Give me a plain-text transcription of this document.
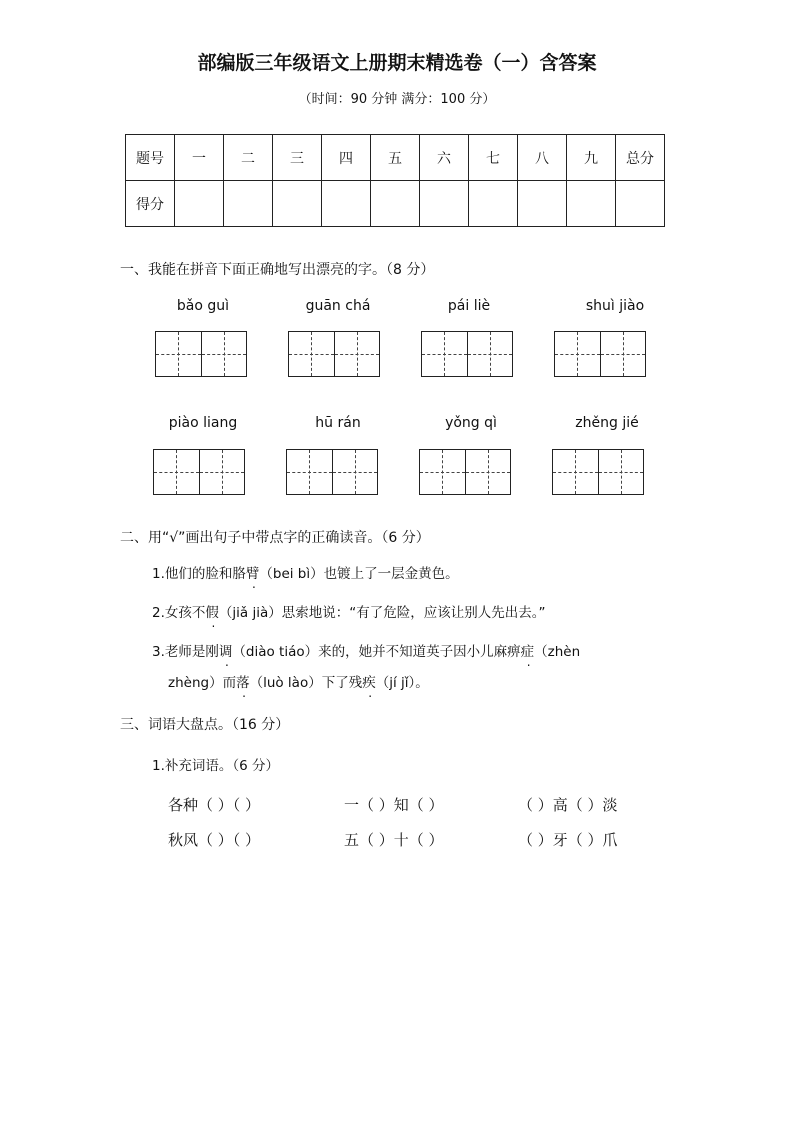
部编版三年级语文上册期末精选卷（一）含答案
（时间：90 分钟 满分：100 分）
题号	一	二	三	四	五	六	七	八	九	总分
得分										
一、我能在拼音下面正确地写出漂亮的字。（8 分）
bǎo guì	guān chá	pái liè	shuì jiào
piào liang	hū rán	yǒng qì	zhěng jié
二、用“√”画出句子中带点字的正确读音。（6 分）
1.他们的脸和胳臂（bei bì）也镀上了一层金黄色。
2.女孩不假（jiǎ jià）思索地说：“有了危险，应该让别人先出去。”
3.老师是刚调（diào tiáo）来的，她并不知道英子因小儿麻痹症（zhèn
zhèng）而落（luò lào）下了残疾（jí jǐ）。
三、词语大盘点。（16 分）
1.补充词语。（6 分）
各种（ ）（ ）	一（ ）知（ ）	（ ）高（ ）淡
秋风（ ）（ ）	五（ ）十（ ）	（ ）牙（ ）爪
